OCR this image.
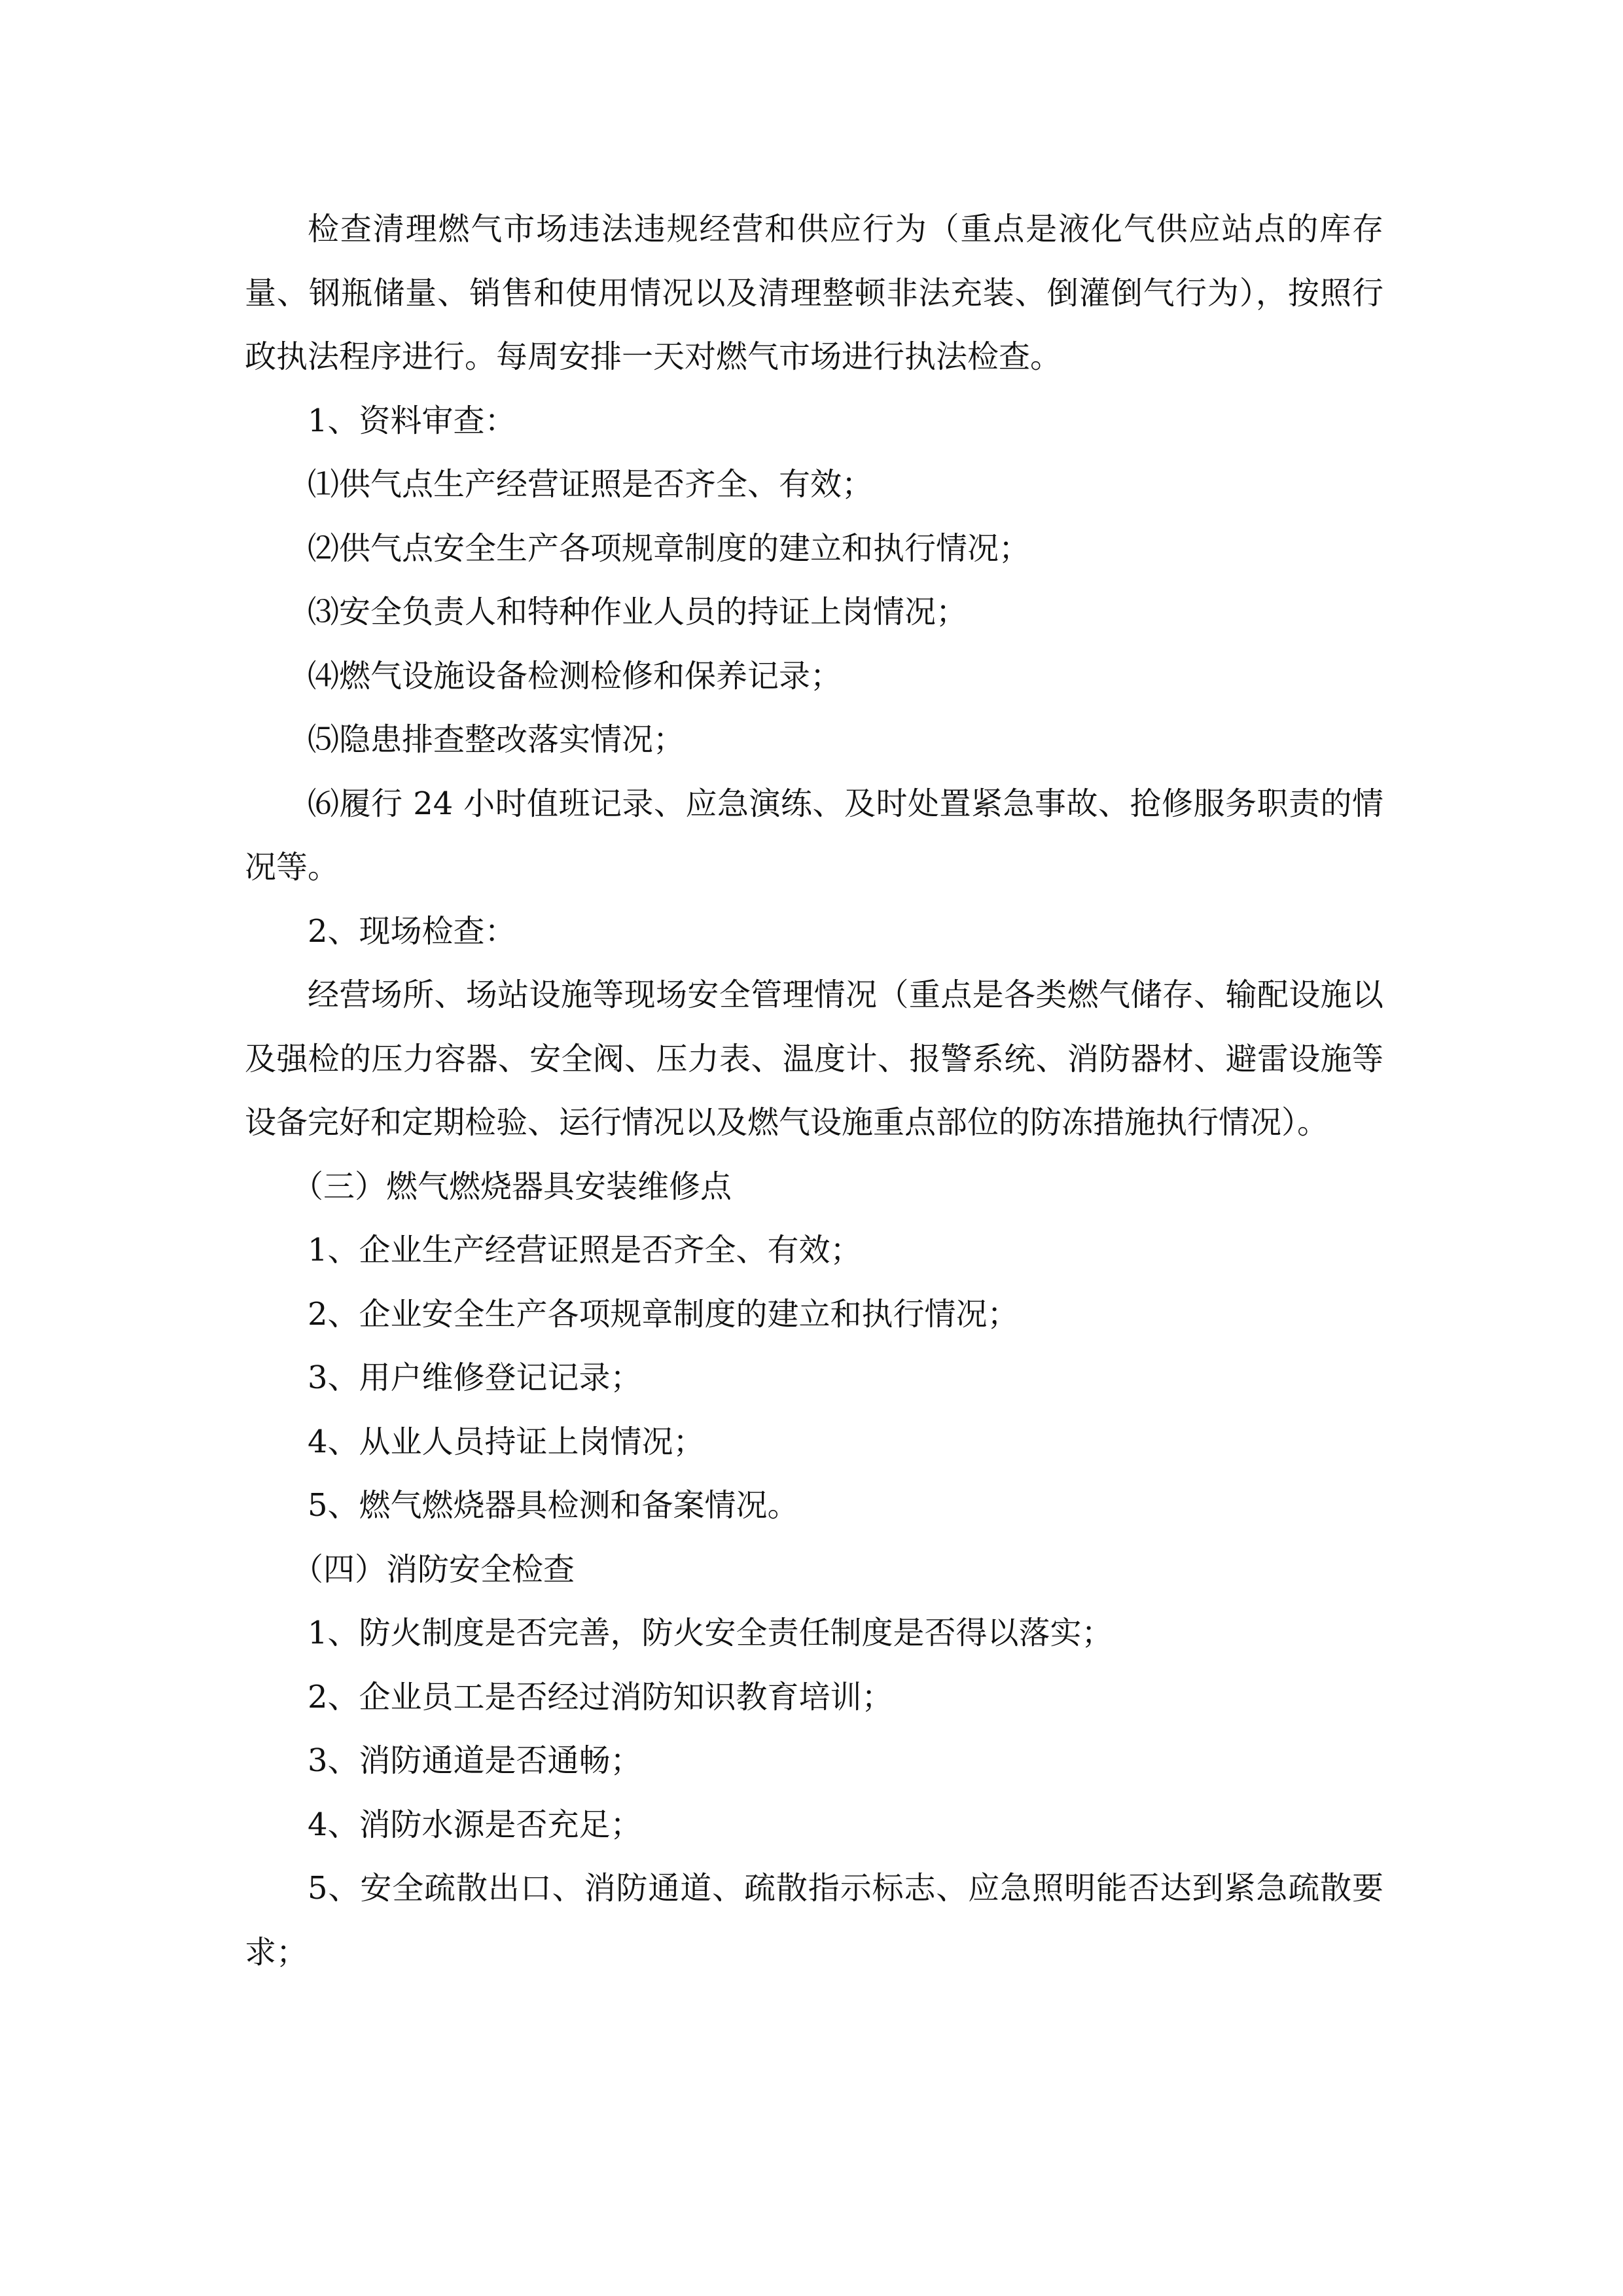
检查清理燃气市场违法违规经营和供应行为（重点是液化气供应站点的库存量、钢瓶储量、销售和使用情况以及清理整顿非法充装、倒灌倒气行为），按照行政执法程序进行。每周安排一天对燃气市场进行执法检查。

1、资料审查：

⑴供气点生产经营证照是否齐全、有效；

⑵供气点安全生产各项规章制度的建立和执行情况；

⑶安全负责人和特种作业人员的持证上岗情况；

⑷燃气设施设备检测检修和保养记录；

⑸隐患排查整改落实情况；

⑹履行 24 小时值班记录、应急演练、及时处置紧急事故、抢修服务职责的情况等。

2、现场检查：

经营场所、场站设施等现场安全管理情况（重点是各类燃气储存、输配设施以及强检的压力容器、安全阀、压力表、温度计、报警系统、消防器材、避雷设施等设备完好和定期检验、运行情况以及燃气设施重点部位的防冻措施执行情况）。

（三）燃气燃烧器具安装维修点

1、企业生产经营证照是否齐全、有效；

2、企业安全生产各项规章制度的建立和执行情况；

3、用户维修登记记录；

4、从业人员持证上岗情况；

5、燃气燃烧器具检测和备案情况。

（四）消防安全检查

1、防火制度是否完善，防火安全责任制度是否得以落实；

2、企业员工是否经过消防知识教育培训；

3、消防通道是否通畅；

4、消防水源是否充足；

5、安全疏散出口、消防通道、疏散指示标志、应急照明能否达到紧急疏散要求；
